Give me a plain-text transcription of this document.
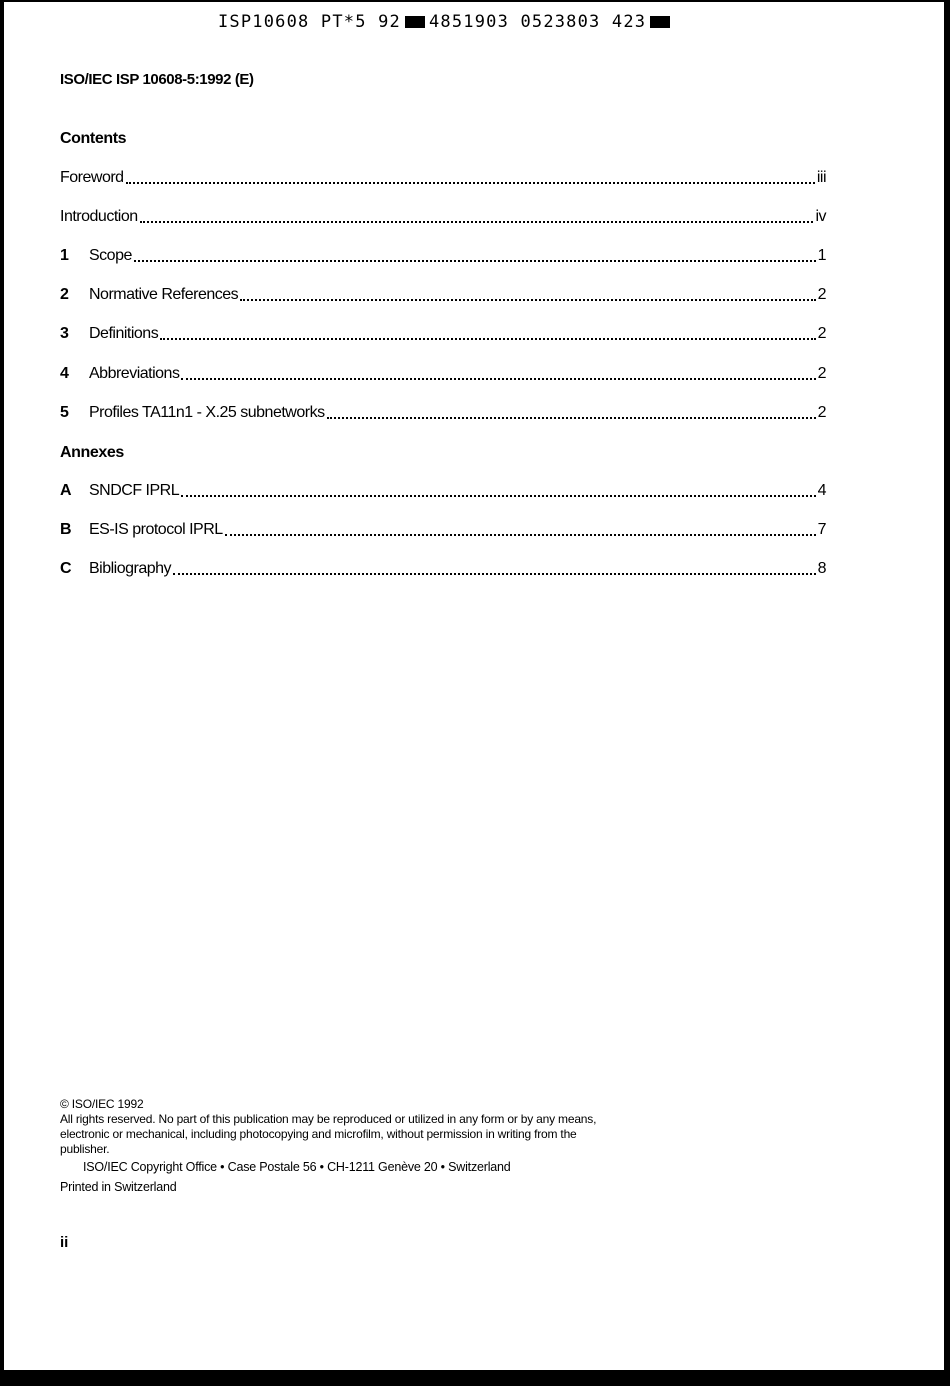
ISP10608 PT*5 92 4851903 0523803 423
ISO/IEC ISP 10608-5:1992 (E)
Contents
Foreword	iii
Introduction	iv
1	Scope	1
2	Normative References	2
3	Definitions	2
4	Abbreviations	2
5	Profiles TA11n1 - X.25 subnetworks	2
Annexes
A	SNDCF IPRL	4
B	ES-IS protocol IPRL	7
C	Bibliography	8

© ISO/IEC 1992

All rights reserved. No part of this publication may be reproduced or utilized in any form or by any means, electronic or mechanical, including photocopying and microfilm, without permission in writing from the publisher.

ISO/IEC Copyright Office • Case Postale 56 • CH-1211 Genève 20 • Switzerland

Printed in Switzerland

ii
